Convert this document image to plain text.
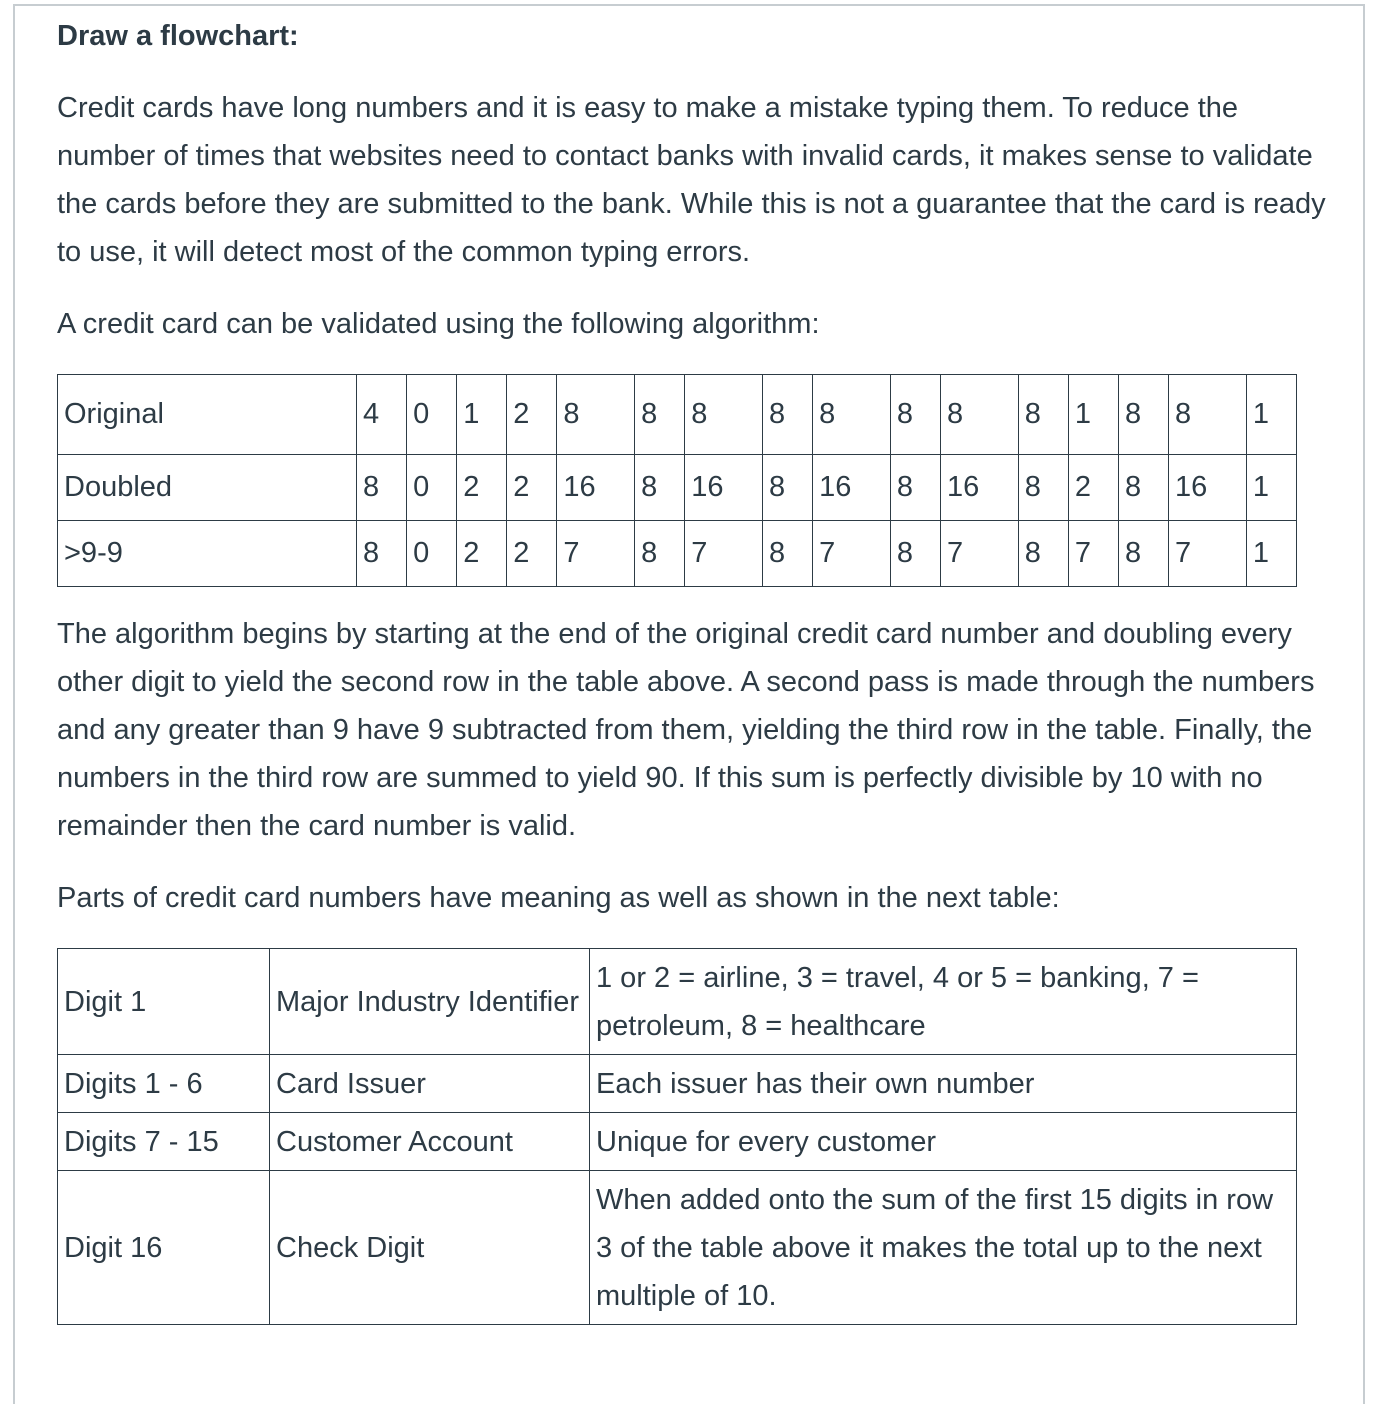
Draw a flowchart:

Credit cards have long numbers and it is easy to make a mistake typing them. To reduce the number of times that websites need to contact banks with invalid cards, it makes sense to validate the cards before they are submitted to the bank. While this is not a guarantee that the card is ready to use, it will detect most of the common typing errors.

A credit card can be validated using the following algorithm:

The algorithm begins by starting at the end of the original credit card number and doubling every other digit to yield the second row in the table above. A second pass is made through the numbers and any greater than 9 have 9 subtracted from them, yielding the third row in the table. Finally, the numbers in the third row are summed to yield 90. If this sum is perfectly divisible by 10 with no remainder then the card number is valid.

Parts of credit card numbers have meaning as well as shown in the next table:

Original	4	0	1	2	8	8	8	8	8	8	8	8	1	8	8	1
Doubled	8	0	2	2	16	8	16	8	16	8	16	8	2	8	16	1
>9-9	8	0	2	2	7	8	7	8	7	8	7	8	7	8	7	1
Digit 1	Major Industry Identifier	1 or 2 = airline, 3 = travel, 4 or 5 = banking, 7 = petroleum, 8 = healthcare
Digits 1 - 6	Card Issuer	Each issuer has their own number
Digits 7 - 15	Customer Account	Unique for every customer
Digit 16	Check Digit	When added onto the sum of the first 15 digits in row 3 of the table above it makes the total up to the next multiple of 10.
